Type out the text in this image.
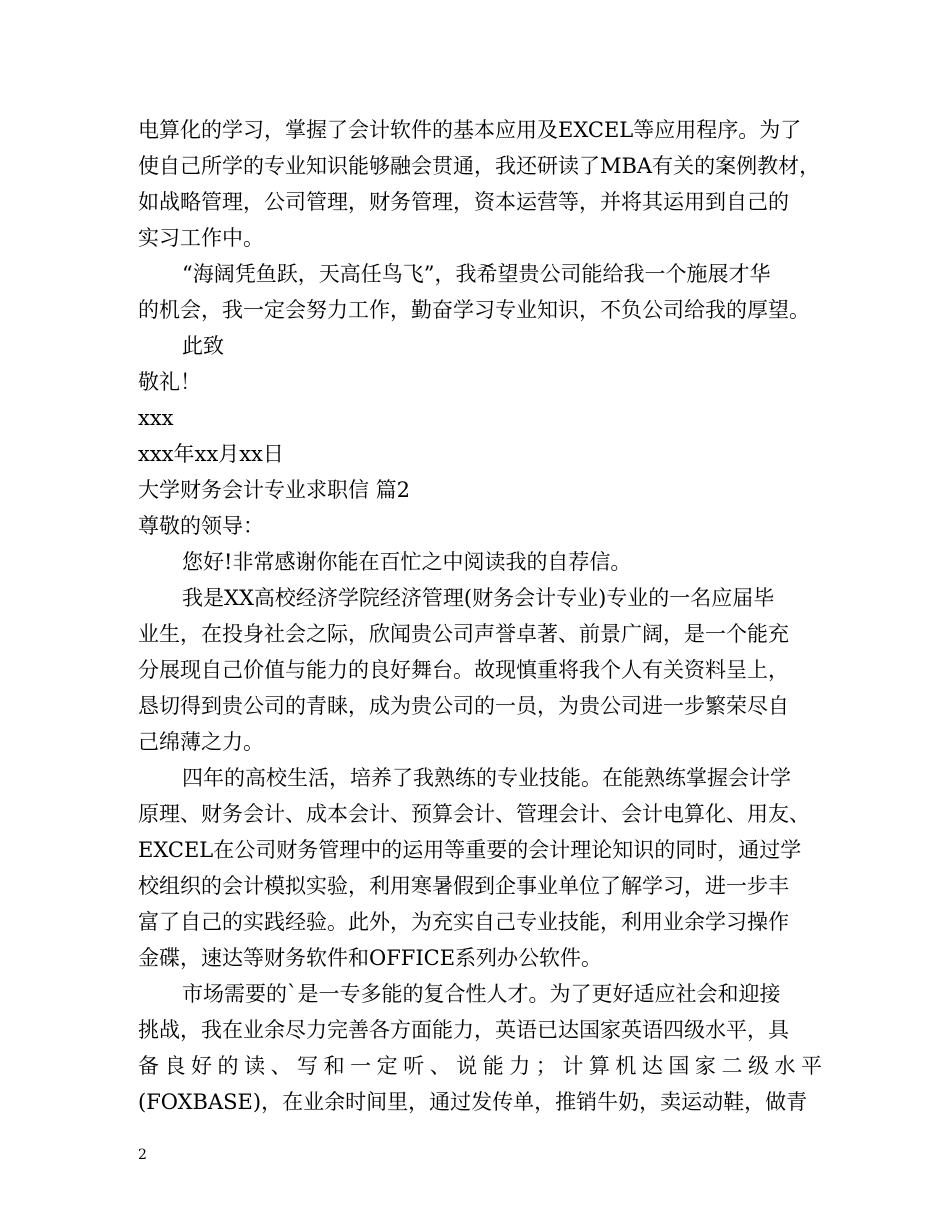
电算化的学习，掌握了会计软件的基本应用及EXCEL等应用程序。为了
使自己所学的专业知识能够融会贯通，我还研读了MBA有关的案例教材，
如战略管理，公司管理，财务管理，资本运营等，并将其运用到自己的
实习工作中。
“海阔凭鱼跃，天高任鸟飞”，我希望贵公司能给我一个施展才华
的机会，我一定会努力工作，勤奋学习专业知识，不负公司给我的厚望。
此致
敬礼！
xxx
xxx年xx月xx日
大学财务会计专业求职信 篇2
尊敬的领导：
您好!非常感谢你能在百忙之中阅读我的自荐信。
我是XX高校经济学院经济管理(财务会计专业)专业的一名应届毕
业生，在投身社会之际，欣闻贵公司声誉卓著、前景广阔，是一个能充
分展现自己价值与能力的良好舞台。故现慎重将我个人有关资料呈上，
恳切得到贵公司的青睐，成为贵公司的一员，为贵公司进一步繁荣尽自
己绵薄之力。
四年的高校生活，培养了我熟练的专业技能。在能熟练掌握会计学
原理、财务会计、成本会计、预算会计、管理会计、会计电算化、用友、
EXCEL在公司财务管理中的运用等重要的会计理论知识的同时，通过学
校组织的会计模拟实验，利用寒暑假到企事业单位了解学习，进一步丰
富了自己的实践经验。此外，为充实自己专业技能，利用业余学习操作
金碟，速达等财务软件和OFFICE系列办公软件。
市场需要的`是一专多能的复合性人才。为了更好适应社会和迎接
挑战，我在业余尽力完善各方面能力，英语已达国家英语四级水平，具
备良好的读、写和一定听、说能力；计算机达国家二级水平
(FOXBASE)，在业余时间里，通过发传单，推销牛奶，卖运动鞋，做青
2
